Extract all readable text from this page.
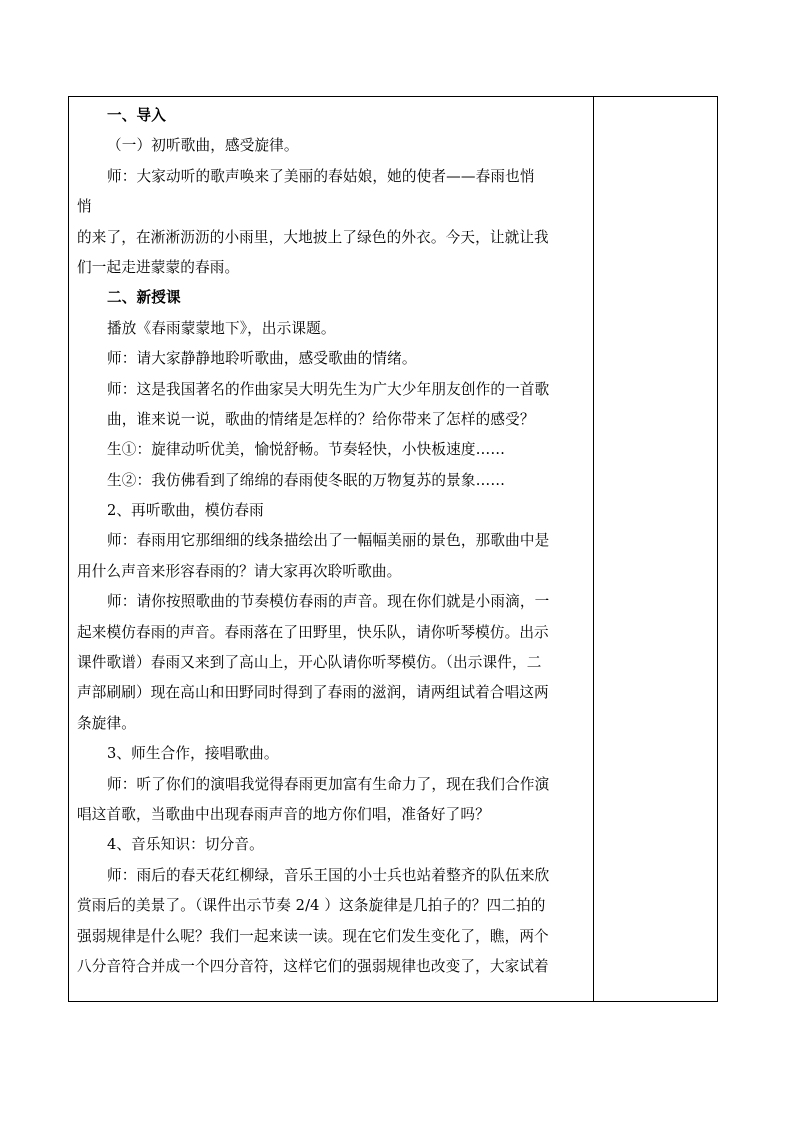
一、导入
（一）初听歌曲，感受旋律。
师：大家动听的歌声唤来了美丽的春姑娘，她的使者——春雨也悄
悄
的来了，在淅淅沥沥的小雨里，大地披上了绿色的外衣。今天，让就让我
们一起走进蒙蒙的春雨。
二、新授课
播放《春雨蒙蒙地下》，出示课题。
师：请大家静静地聆听歌曲，感受歌曲的情绪。
师：这是我国著名的作曲家吴大明先生为广大少年朋友创作的一首歌
曲，谁来说一说，歌曲的情绪是怎样的？给你带来了怎样的感受？
生①：旋律动听优美，愉悦舒畅。节奏轻快，小快板速度……
生②：我仿佛看到了绵绵的春雨使冬眠的万物复苏的景象……
2、再听歌曲，模仿春雨
师：春雨用它那细细的线条描绘出了一幅幅美丽的景色，那歌曲中是
用什么声音来形容春雨的？请大家再次聆听歌曲。
师：请你按照歌曲的节奏模仿春雨的声音。现在你们就是小雨滴，一
起来模仿春雨的声音。春雨落在了田野里，快乐队，请你听琴模仿。出示
课件歌谱）春雨又来到了高山上，开心队请你听琴模仿。（出示课件，二
声部刷刷）现在高山和田野同时得到了春雨的滋润，请两组试着合唱这两
条旋律。
3、师生合作，接唱歌曲。
师：听了你们的演唱我觉得春雨更加富有生命力了，现在我们合作演
唱这首歌，当歌曲中出现春雨声音的地方你们唱，准备好了吗？
4、音乐知识：切分音。
师：雨后的春天花红柳绿，音乐王国的小士兵也站着整齐的队伍来欣
赏雨后的美景了。（课件出示节奏 2/4 ）这条旋律是几拍子的？四二拍的
强弱规律是什么呢？我们一起来读一读。现在它们发生变化了，瞧，两个
八分音符合并成一个四分音符，这样它们的强弱规律也改变了，大家试着
